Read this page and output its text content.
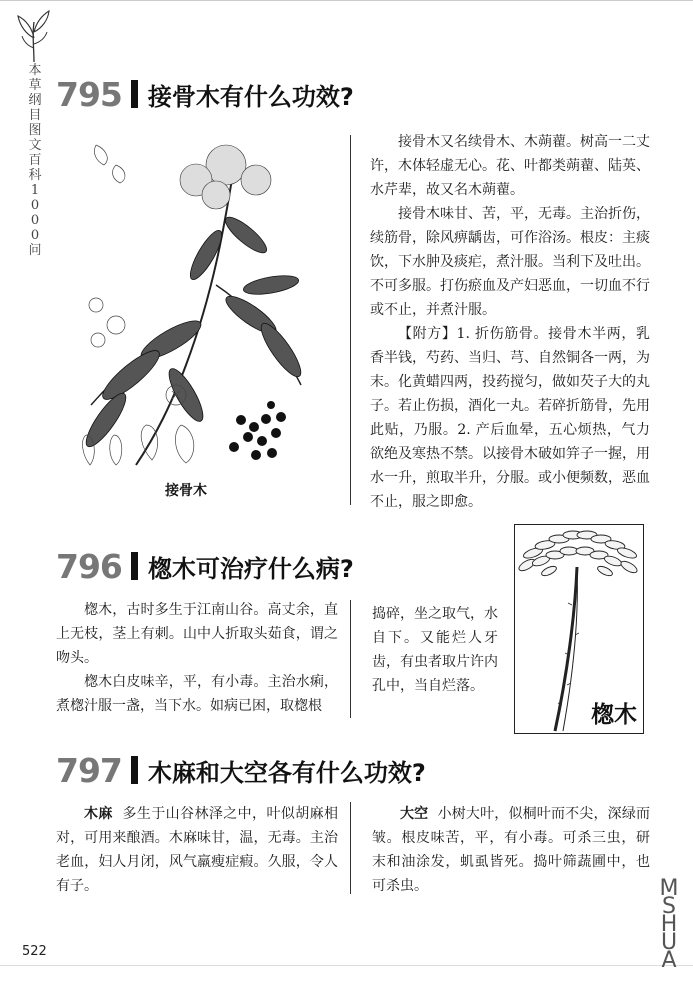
本草纲目图文百科1000问
795 接骨木有什么功效?
接骨木

接骨木又名续骨木、木蒴藋。树高一二丈许，木体轻虚无心。花、叶都类蒴藋、陆英、水芹辈，故又名木蒴藋。

接骨木味甘、苦，平，无毒。主治折伤，续筋骨，除风痹龋齿，可作浴汤。根皮：主痰饮，下水肿及痰疟，煮汁服。当利下及吐出。不可多服。打伤瘀血及产妇恶血，一切血不行或不止，并煮汁服。

【附方】1. 折伤筋骨。接骨木半两，乳香半钱，芍药、当归、芎、自然铜各一两，为末。化黄蜡四两，投药搅匀，做如芡子大的丸子。若止伤损，酒化一丸。若碎折筋骨，先用此贴，乃服。2. 产后血晕，五心烦热，气力欲绝及寒热不禁。以接骨木破如笄子一握，用水一升，煎取半升，分服。或小便频数，恶血不止，服之即愈。

796 楤木可治疗什么病?

楤木，古时多生于江南山谷。高丈余，直上无枝，茎上有刺。山中人折取头茹食，谓之吻头。

楤木白皮味辛，平，有小毒。主治水痢，煮楤汁服一盏，当下水。如病已困，取楤根

捣碎，坐之取气，水自下。又能烂人牙齿，有虫者取片许内孔中，当自烂落。

楤木
797 木麻和大空各有什么功效?

木麻 多生于山谷林泽之中，叶似胡麻相对，可用来酿酒。木麻味甘，温，无毒。主治老血，妇人月闭，风气羸瘦症瘕。久服，令人有子。

大空 小树大叶，似桐叶而不尖，深绿而皱。根皮味苦，平，有小毒。可杀三虫，研末和油涂发，虮虱皆死。捣叶筛蔬圃中，也可杀虫。

522
MSHUA
